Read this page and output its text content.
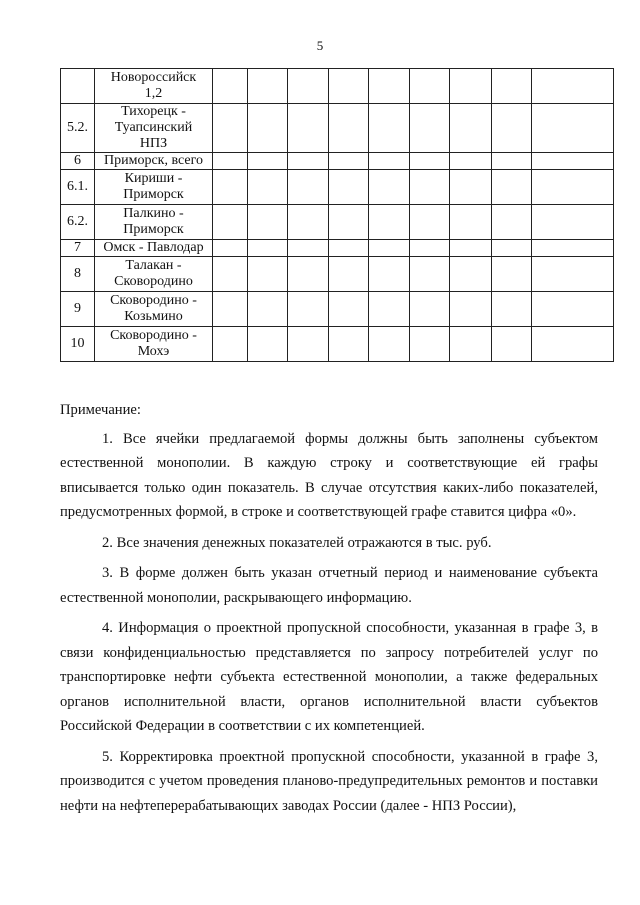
5

	Новороссийск
1,2									

5.2.	Тихорецк -
Туапсинский
НПЗ									

6	Приморск, всего									

6.1.	Кириши -
Приморск									

6.2.	Палкино -
Приморск									

7	Омск - Павлодар									

8	Талакан -
Сковородино									

9	Сковородино -
Козьмино									

10	Сковородино -
Мохэ									

Примечание:

1. Все ячейки предлагаемой формы должны быть заполнены субъектом естественной монополии. В каждую строку и соответствующие ей графы вписывается только один показатель. В случае отсутствия каких-либо показателей, предусмотренных формой, в строке и соответствующей графе ставится цифра «0».

2. Все значения денежных показателей отражаются в тыс. руб.

3. В форме должен быть указан отчетный период и наименование субъекта естественной монополии, раскрывающего информацию.

4. Информация о проектной пропускной способности, указанная в графе 3, в связи конфиденциальностью представляется по запросу потребителей услуг по транспортировке нефти субъекта естественной монополии, а также федеральных органов исполнительной власти, органов исполнительной власти субъектов Российской Федерации в соответствии с их компетенцией.

5. Корректировка проектной пропускной способности, указанной в графе 3, производится с учетом проведения планово-предупредительных ремонтов и поставки нефти на нефтеперерабатывающих заводах России (далее - НПЗ России),
